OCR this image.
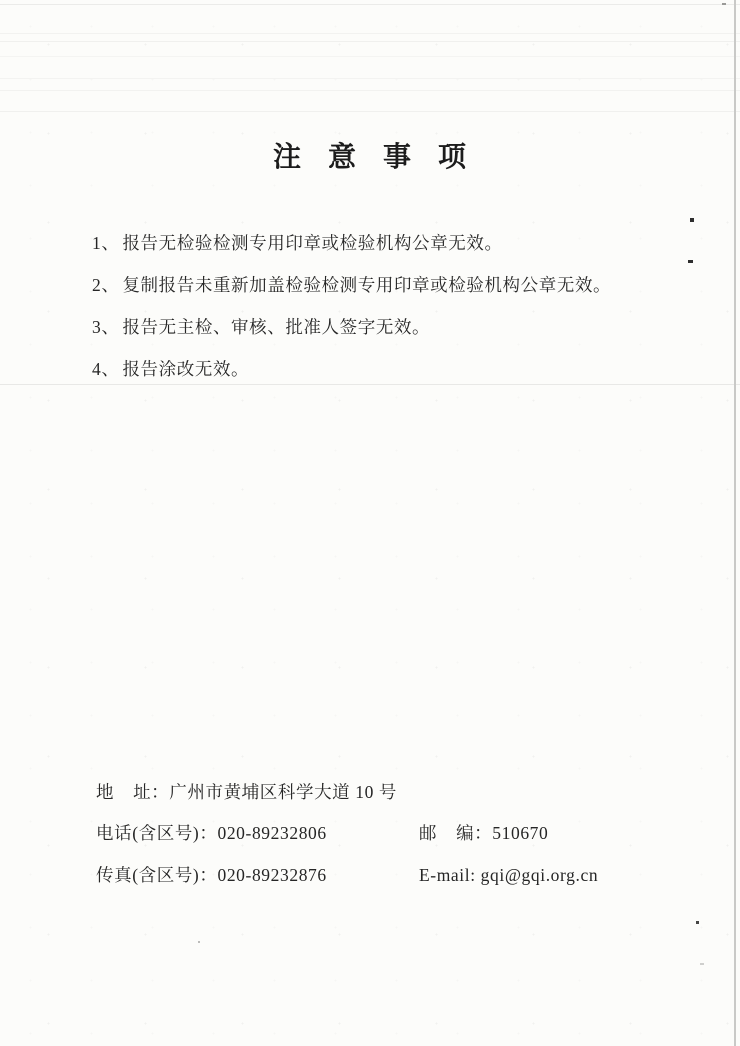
注 意 事 项
1、 报告无检验检测专用印章或检验机构公章无效。
2、 复制报告未重新加盖检验检测专用印章或检验机构公章无效。
3、 报告无主检、审核、批准人签字无效。
4、 报告涂改无效。
地 址：广州市黄埔区科学大道 10 号
电话(含区号)：020-89232806	邮 编：510670
传真(含区号)：020-89232876	E-mail: gqi@gqi.org.cn
